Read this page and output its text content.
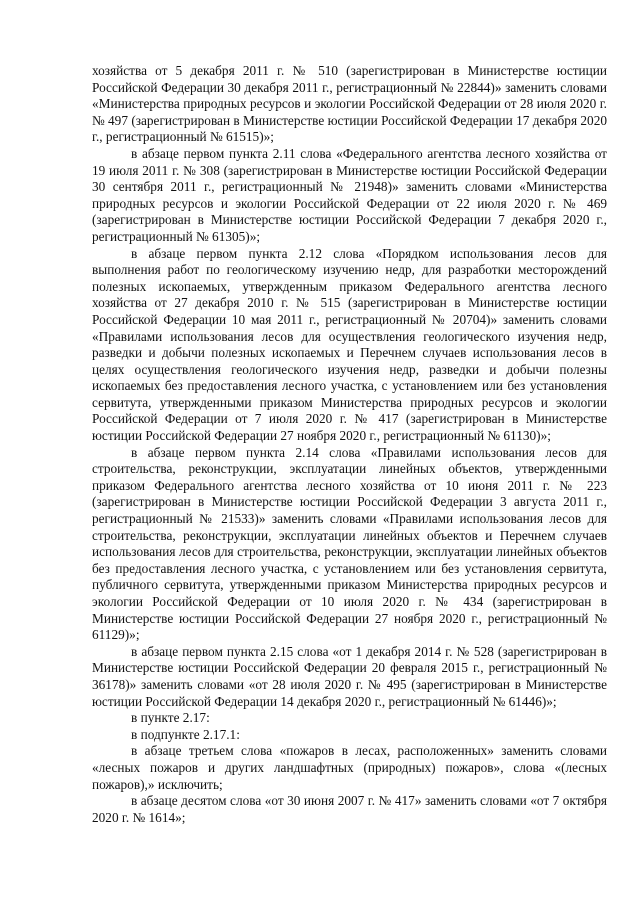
хозяйства от 5 декабря 2011 г. № 510 (зарегистрирован в Министерстве юстиции Российской Федерации 30 декабря 2011 г., регистрационный № 22844)» заменить словами «Министерства природных ресурсов и экологии Российской Федерации от 28 июля 2020 г. № 497 (зарегистрирован в Министерстве юстиции Российской Федерации 17 декабря 2020 г., регистрационный № 61515)»;

в абзаце первом пункта 2.11 слова «Федерального агентства лесного хозяйства от 19 июля 2011 г. № 308 (зарегистрирован в Министерстве юстиции Российской Федерации 30 сентября 2011 г., регистрационный № 21948)» заменить словами «Министерства природных ресурсов и экологии Российской Федерации от 22 июля 2020 г. № 469 (зарегистрирован в Министерстве юстиции Российской Федерации 7 декабря 2020 г., регистрационный № 61305)»;

в абзаце первом пункта 2.12 слова «Порядком использования лесов для выполнения работ по геологическому изучению недр, для разработки месторождений полезных ископаемых, утвержденным приказом Федерального агентства лесного хозяйства от 27 декабря 2010 г. № 515 (зарегистрирован в Министерстве юстиции Российской Федерации 10 мая 2011 г., регистрационный № 20704)» заменить словами «Правилами использования лесов для осуществления геологического изучения недр, разведки и добычи полезных ископаемых и Перечнем случаев использования лесов в целях осуществления геологического изучения недр, разведки и добычи полезны ископаемых без предоставления лесного участка, с установлением или без установления сервитута, утвержденными приказом Министерства природных ресурсов и экологии Российской Федерации от 7 июля 2020 г. № 417 (зарегистрирован в Министерстве юстиции Российской Федерации 27 ноября 2020 г., регистрационный № 61130)»;

в абзаце первом пункта 2.14 слова «Правилами использования лесов для строительства, реконструкции, эксплуатации линейных объектов, утвержденными приказом Федерального агентства лесного хозяйства от 10 июня 2011 г. № 223 (зарегистрирован в Министерстве юстиции Российской Федерации 3 августа 2011 г., регистрационный № 21533)» заменить словами «Правилами использования лесов для строительства, реконструкции, эксплуатации линейных объектов и Перечнем случаев использования лесов для строительства, реконструкции, эксплуатации линейных объектов без предоставления лесного участка, с установлением или без установления сервитута, публичного сервитута, утвержденными приказом Министерства природных ресурсов и экологии Российской Федерации от 10 июля 2020 г. № 434 (зарегистрирован в Министерстве юстиции Российской Федерации 27 ноября 2020 г., регистрационный № 61129)»;

в абзаце первом пункта 2.15 слова «от 1 декабря 2014 г. № 528 (зарегистрирован в Министерстве юстиции Российской Федерации 20 февраля 2015 г., регистрационный № 36178)» заменить словами «от 28 июля 2020 г. № 495 (зарегистрирован в Министерстве юстиции Российской Федерации 14 декабря 2020 г., регистрационный № 61446)»;

в пункте 2.17:

в подпункте 2.17.1:

в абзаце третьем слова «пожаров в лесах, расположенных» заменить словами «лесных пожаров и других ландшафтных (природных) пожаров», слова «(лесных пожаров),» исключить;

в абзаце десятом слова «от 30 июня 2007 г. № 417» заменить словами «от 7 октября 2020 г. № 1614»;
